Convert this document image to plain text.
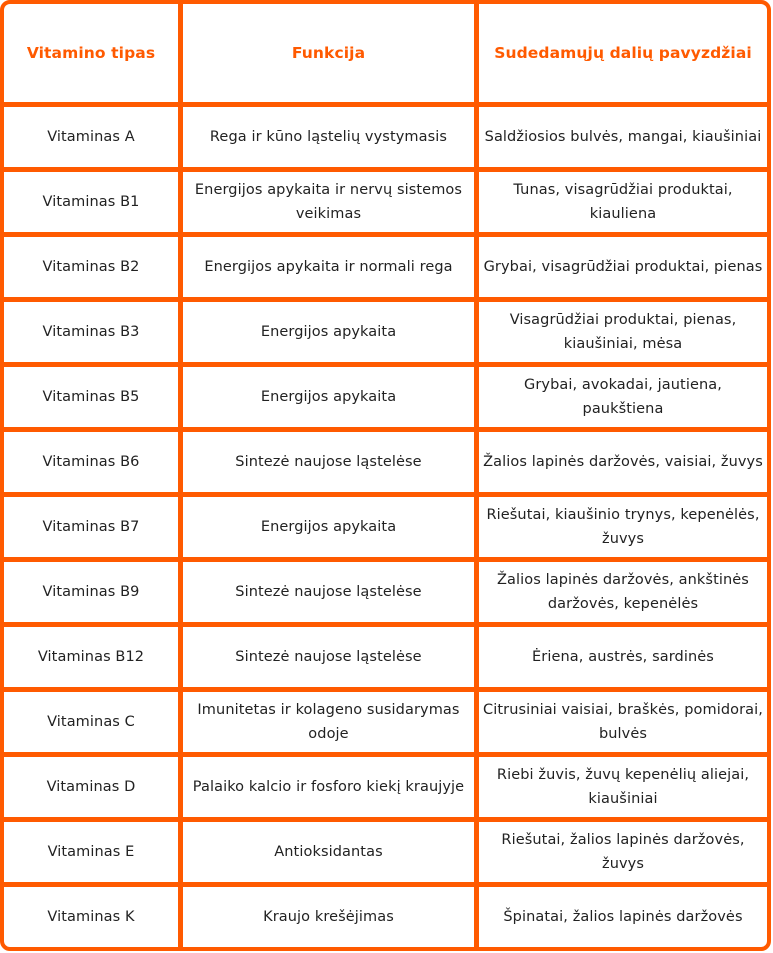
Vitamino tipas	Funkcija	Sudedamųjų dalių pavyzdžiai
Vitaminas A	Rega ir kūno ląstelių vystymasis	Saldžiosios bulvės, mangai, kiaušiniai
Vitaminas B1	Energijos apykaita ir nervų sistemos veikimas	Tunas, visagrūdžiai produktai, kiauliena
Vitaminas B2	Energijos apykaita ir normali rega	Grybai, visagrūdžiai produktai, pienas
Vitaminas B3	Energijos apykaita	Visagrūdžiai produktai, pienas, kiaušiniai, mėsa
Vitaminas B5	Energijos apykaita	Grybai, avokadai, jautiena, paukštiena
Vitaminas B6	Sintezė naujose ląstelėse	Žalios lapinės daržovės, vaisiai, žuvys
Vitaminas B7	Energijos apykaita	Riešutai, kiaušinio trynys, kepenėlės, žuvys
Vitaminas B9	Sintezė naujose ląstelėse	Žalios lapinės daržovės, ankštinės daržovės, kepenėlės
Vitaminas B12	Sintezė naujose ląstelėse	Ėriena, austrės, sardinės
Vitaminas C	Imunitetas ir kolageno susidarymas odoje	Citrusiniai vaisiai, braškės, pomidorai, bulvės
Vitaminas D	Palaiko kalcio ir fosforo kiekį kraujyje	Riebi žuvis, žuvų kepenėlių aliejai, kiaušiniai
Vitaminas E	Antioksidantas	Riešutai, žalios lapinės daržovės, žuvys
Vitaminas K	Kraujo krešėjimas	Špinatai, žalios lapinės daržovės
